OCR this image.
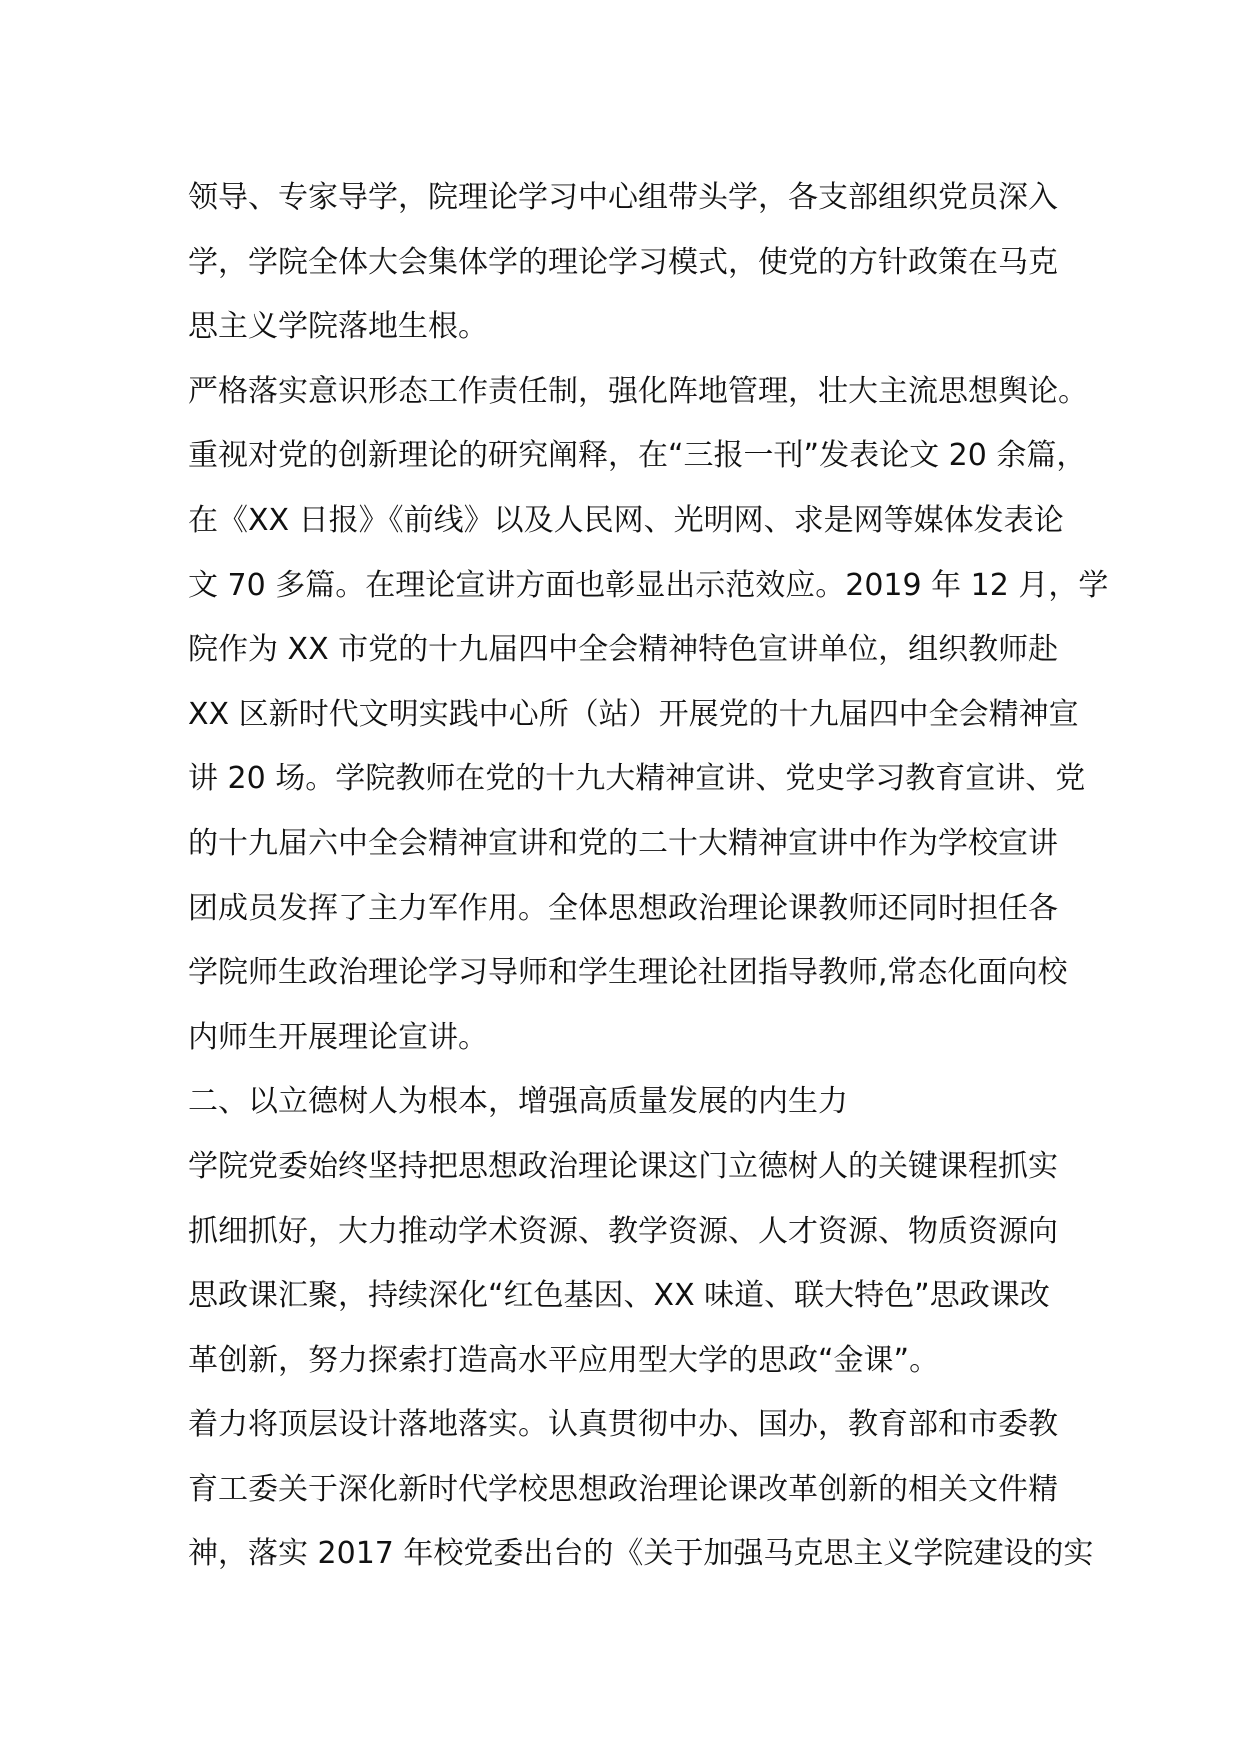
领导、专家导学，院理论学习中心组带头学，各支部组织党员深入
学，学院全体大会集体学的理论学习模式，使党的方针政策在马克
思主义学院落地生根。
严格落实意识形态工作责任制，强化阵地管理，壮大主流思想舆论。
重视对党的创新理论的研究阐释，在“三报一刊”发表论文 20 余篇，
在《XX 日报》《前线》以及人民网、光明网、求是网等媒体发表论
文 70 多篇。在理论宣讲方面也彰显出示范效应。2019 年 12 月，学
院作为 XX 市党的十九届四中全会精神特色宣讲单位，组织教师赴
XX 区新时代文明实践中心所（站）开展党的十九届四中全会精神宣
讲 20 场。学院教师在党的十九大精神宣讲、党史学习教育宣讲、党
的十九届六中全会精神宣讲和党的二十大精神宣讲中作为学校宣讲
团成员发挥了主力军作用。全体思想政治理论课教师还同时担任各
学院师生政治理论学习导师和学生理论社团指导教师,常态化面向校
内师生开展理论宣讲。
二、以立德树人为根本，增强高质量发展的内生力
学院党委始终坚持把思想政治理论课这门立德树人的关键课程抓实
抓细抓好，大力推动学术资源、教学资源、人才资源、物质资源向
思政课汇聚，持续深化“红色基因、XX 味道、联大特色”思政课改
革创新，努力探索打造高水平应用型大学的思政“金课”。
着力将顶层设计落地落实。认真贯彻中办、国办，教育部和市委教
育工委关于深化新时代学校思想政治理论课改革创新的相关文件精
神，落实 2017 年校党委出台的《关于加强马克思主义学院建设的实
